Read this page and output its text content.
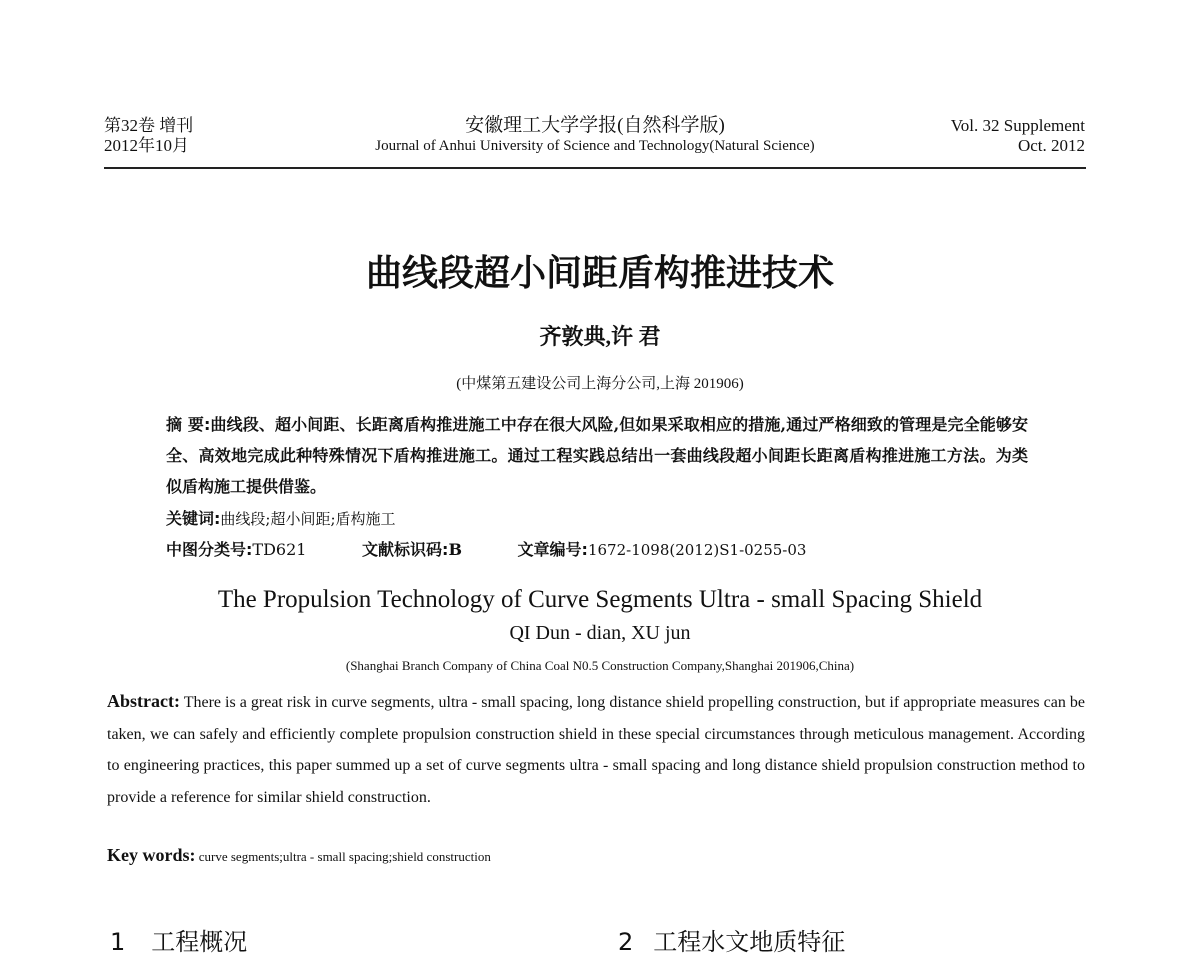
第32卷 增刊
2012年10月
安徽理工大学学报(自然科学版)
Journal of Anhui University of Science and Technology(Natural Science)
Vol. 32 Supplement
Oct. 2012
曲线段超小间距盾构推进技术
齐敦典,许 君
(中煤第五建设公司上海分公司,上海 201906)
摘 要:曲线段、超小间距、长距离盾构推进施工中存在很大风险,但如果采取相应的措施,通过严格细致的管理是完全能够安全、高效地完成此种特殊情况下盾构推进施工。通过工程实践总结出一套曲线段超小间距长距离盾构推进施工方法。为类似盾构施工提供借鉴。
关键词:曲线段;超小间距;盾构施工
中图分类号:TD621	文献标识码:B	文章编号:1672-1098(2012)S1-0255-03
The Propulsion Technology of Curve Segments Ultra - small Spacing Shield
QI Dun - dian, XU jun
(Shanghai Branch Company of China Coal N0.5 Construction Company,Shanghai 201906,China)
Abstract: There is a great risk in curve segments, ultra - small spacing, long distance shield propelling construction, but if appropriate measures can be taken, we can safely and efficiently complete propulsion construction shield in these special circumstances through meticulous management. According to engineering practices, this paper summed up a set of curve segments ultra - small spacing and long distance shield propulsion construction method to provide a reference for similar shield construction.
Key words: curve segments;ultra - small spacing;shield construction
1 工程概况	2 工程水文地质特征
